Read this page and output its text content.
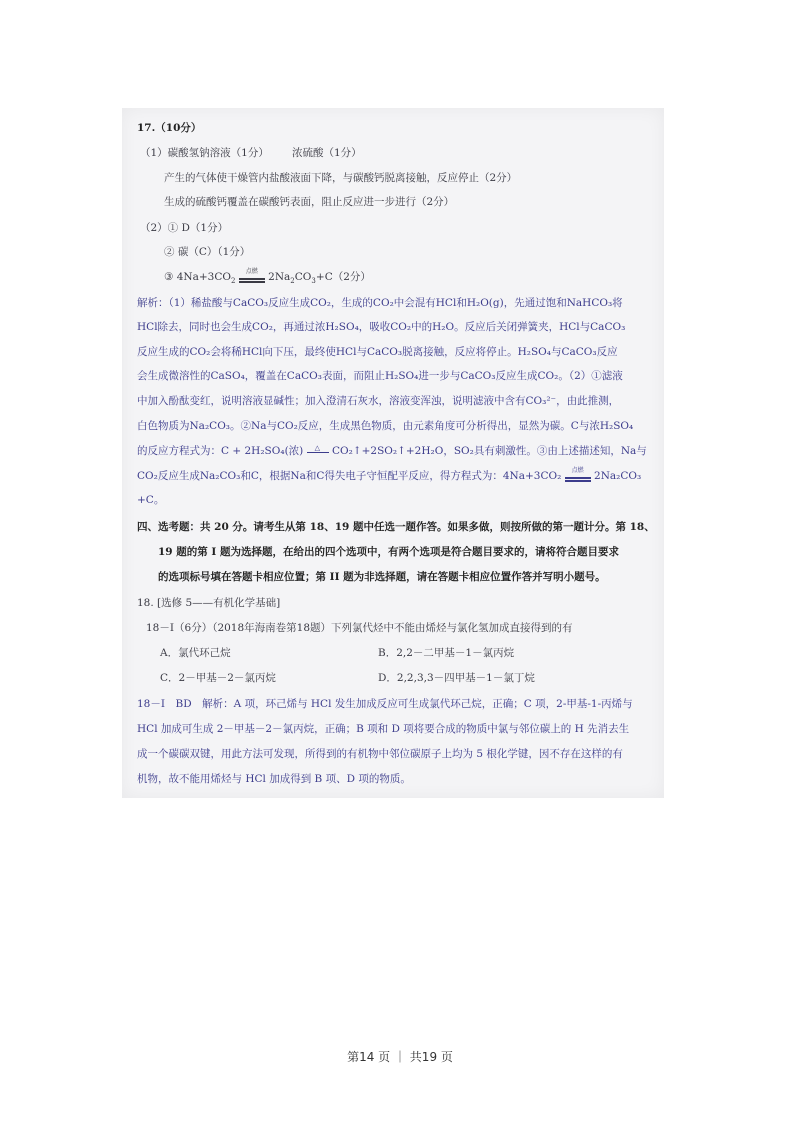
17.（10分）
（1）碳酸氢钠溶液（1分） 浓硫酸（1分）
产生的气体使干燥管内盐酸液面下降，与碳酸钙脱离接触，反应停止（2分）
生成的硫酸钙覆盖在碳酸钙表面，阻止反应进一步进行（2分）
（2）① D（1分）
② 碳（C）（1分）
③ $4Na+3CO_2$
点燃 $2Na_2CO_3+C(2$分）
解析：（1）稀盐酸与CaCO₃反应生成CO₂，生成的CO₂中会混有HCl和H₂O(g)，先通过饱和NaHCO₃将
HCl除去，同时也会生成CO₂，再通过浓H₂SO₄，吸收CO₂中的H₂O。反应后关闭弹簧夹，HCl与CaCO₃
反应生成的CO₂会将稀HCl向下压，最终使HCl与CaCO₃脱离接触，反应将停止。H₂SO₄与CaCO₃反应
会生成微溶性的CaSO₄，覆盖在CaCO₃表面，而阻止H₂SO₄进一步与CaCO₃反应生成CO₂。（2）①滤液
中加入酚酞变红，说明溶液显碱性；加入澄清石灰水，溶液变浑浊，说明滤液中含有CO₃²⁻，由此推测，
白色物质为Na₂CO₃。②Na与CO₂反应，生成黑色物质，由元素角度可分析得出，显然为碳。C与浓H₂SO₄
的反应方程式为：C + 2H₂SO₄(浓) △ CO₂↑+2SO₂↑+2H₂O，SO₂具有刺激性。③由上述描述知，Na与
CO₂反应生成Na₂CO₃和C，根据Na和C得失电子守恒配平反应，得方程式为：4Na+3CO₂	点燃 2Na₂CO₃
+C。
四、选考题：共 20 分。请考生从第 18、19 题中任选一题作答。如果多做，则按所做的第一题计分。第 18、
19 题的第 I 题为选择题，在给出的四个选项中，有两个选项是符合题目要求的，请将符合题目要求
的选项标号填在答题卡相应位置；第 II 题为非选择题，请在答题卡相应位置作答并写明小题号。
18. [选修 5——有机化学基础]
18－I（6分）（2018年海南卷第18题）下列氯代烃中不能由烯烃与氯化氢加成直接得到的有
A．氯代环己烷	B．2,2－二甲基－1－氯丙烷
C．2－甲基－2－氯丙烷	D．2,2,3,3－四甲基－1－氯丁烷
18－I　BD　解析：A 项，环己烯与 HCl 发生加成反应可生成氯代环己烷，正确；C 项，2-甲基-1-丙烯与
HCl 加成可生成 2－甲基－2－氯丙烷，正确；B 项和 D 项将要合成的物质中氯与邻位碳上的 H 先消去生
成一个碳碳双键，用此方法可发现，所得到的有机物中邻位碳原子上均为 5 根化学键，因不存在这样的有
机物，故不能用烯烃与 HCl 加成得到 B 项、D 项的物质。
第14 页 ｜ 共19 页
